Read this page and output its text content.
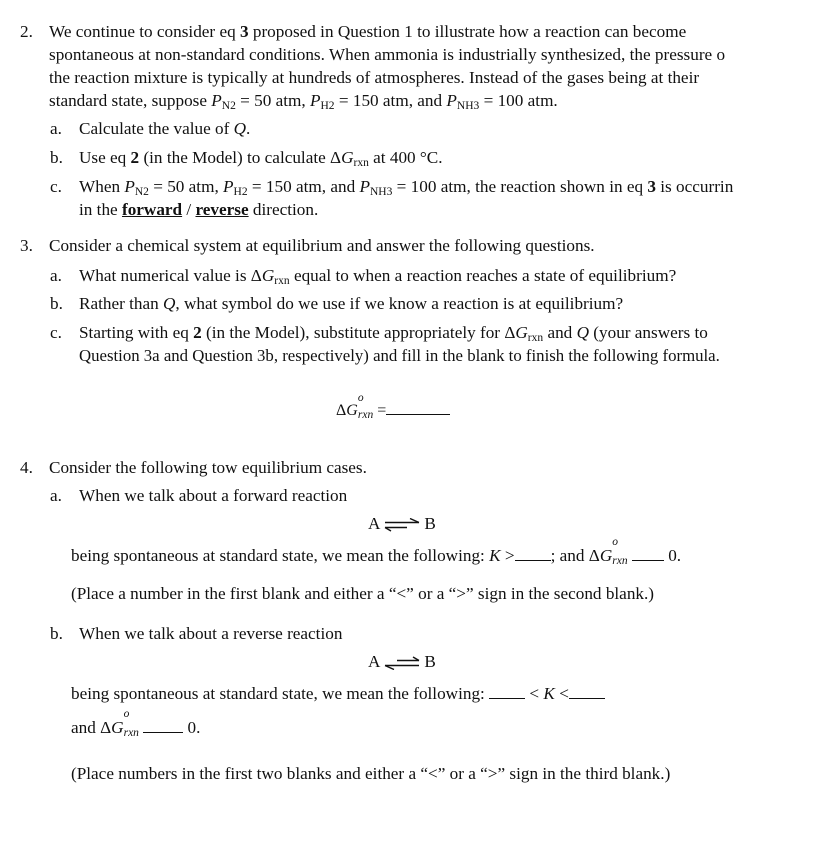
2. We continue to consider eq 3 proposed in Question 1 to illustrate how a reaction can become
spontaneous at non-standard conditions. When ammonia is industrially synthesized, the pressure o
the reaction mixture is typically at hundreds of atmospheres. Instead of the gases being at their
standard state, suppose $P_{N2} = 50$ atm, $P_{H2} = 150$ atm, and $P_{NH3} = 100$ atm.
a. Calculate the value of Q.
b. Use eq 2 (in the Model) to calculate $\Delta G_{rxn}$ at 400 °C.
c. When $P_{N2} = 50$ atm, $P_{H2} = 150$ atm, and $P_{NH3} = 100$ atm, the reaction shown in eq 3 is occurrin
in the forward / reverse direction.
3. Consider a chemical system at equilibrium and answer the following questions.
a. What numerical value is $\Delta G_{rxn}$ equal to when a reaction reaches a state of equilibrium?
b. Rather than Q, what symbol do we use if we know a reaction is at equilibrium?
c. Starting with eq 2 (in the Model), substitute appropriately for $\Delta G_{rxn}$ and Q (your answers to
Question 3a and Question 3b, respectively) and fill in the blank to finish the following formula.
ΔG
o
$_{rxn}$ =
4. Consider the following tow equilibrium cases.
a. When we talk about a forward reaction
A	B
being spontaneous at standard state, we mean the following: K > ; and ΔG
o
$_{rxn}$  0.
(Place a number in the first blank and either a “<” or a “>” sign in the second blank.)
b. When we talk about a reverse reaction
A	B
being spontaneous at standard state, we mean the following:  < K <
and ΔG
o
$_{rxn}$	0.
(Place numbers in the first two blanks and either a “<” or a “>” sign in the third blank.)
